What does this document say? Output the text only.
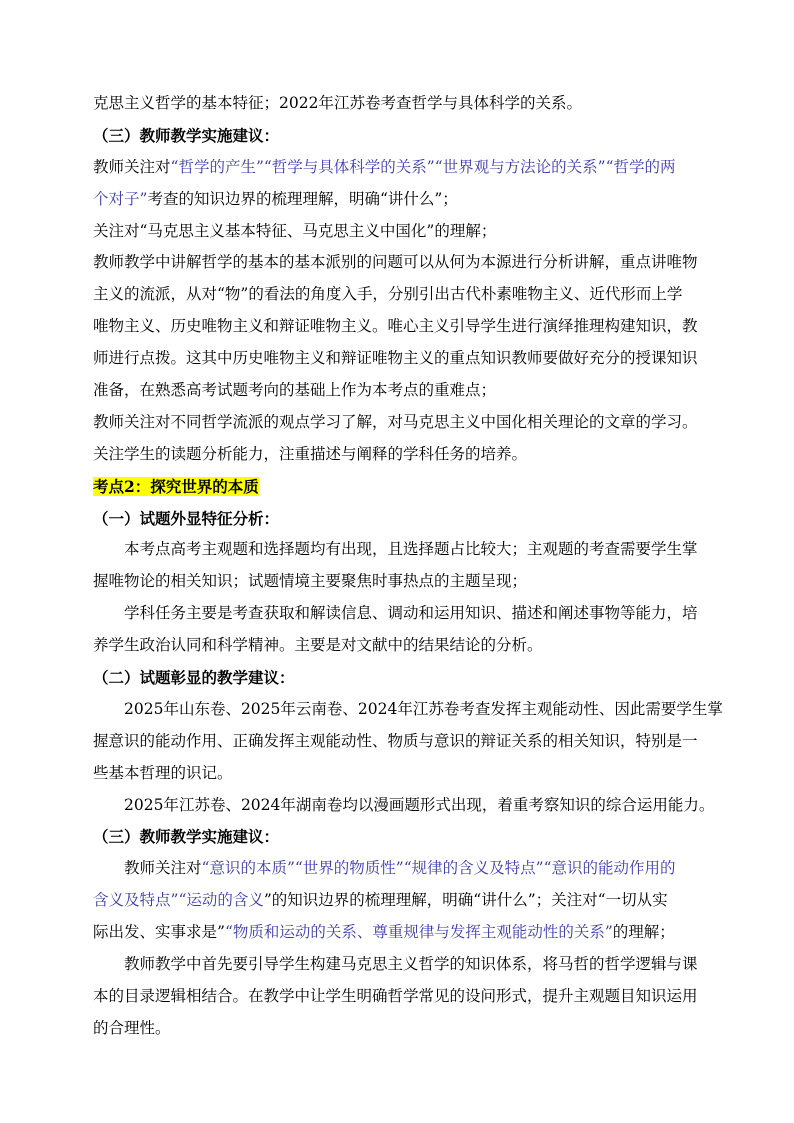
克思主义哲学的基本特征；2022年江苏卷考查哲学与具体科学的关系。
（三）教师教学实施建议：
教师关注对“哲学的产生”“哲学与具体科学的关系”“世界观与方法论的关系”“哲学的两
个对子”考查的知识边界的梳理理解，明确“讲什么”；
关注对“马克思主义基本特征、马克思主义中国化”的理解；
教师教学中讲解哲学的基本的基本派别的问题可以从何为本源进行分析讲解，重点讲唯物
主义的流派，从对“物”的看法的角度入手，分别引出古代朴素唯物主义、近代形而上学
唯物主义、历史唯物主义和辩证唯物主义。唯心主义引导学生进行演绎推理构建知识，教
师进行点拨。这其中历史唯物主义和辩证唯物主义的重点知识教师要做好充分的授课知识
准备，在熟悉高考试题考向的基础上作为本考点的重难点；
教师关注对不同哲学流派的观点学习了解，对马克思主义中国化相关理论的文章的学习。
关注学生的读题分析能力，注重描述与阐释的学科任务的培养。
考点2：探究世界的本质
（一）试题外显特征分析：
本考点高考主观题和选择题均有出现，且选择题占比较大；主观题的考查需要学生掌
握唯物论的相关知识；试题情境主要聚焦时事热点的主题呈现；
学科任务主要是考查获取和解读信息、调动和运用知识、描述和阐述事物等能力，培
养学生政治认同和科学精神。主要是对文献中的结果结论的分析。
（二）试题彰显的教学建议：
2025年山东卷、2025年云南卷、2024年江苏卷考查发挥主观能动性、因此需要学生掌
握意识的能动作用、正确发挥主观能动性、物质与意识的辩证关系的相关知识，特别是一
些基本哲理的识记。
2025年江苏卷、2024年湖南卷均以漫画题形式出现，着重考察知识的综合运用能力。
（三）教师教学实施建议：
教师关注对“意识的本质”“世界的物质性”“规律的含义及特点”“意识的能动作用的
含义及特点”“运动的含义”的知识边界的梳理理解，明确“讲什么”；关注对“一切从实
际出发、实事求是”“物质和运动的关系、尊重规律与发挥主观能动性的关系”的理解；
教师教学中首先要引导学生构建马克思主义哲学的知识体系，将马哲的哲学逻辑与课
本的目录逻辑相结合。在教学中让学生明确哲学常见的设问形式，提升主观题目知识运用
的合理性。
